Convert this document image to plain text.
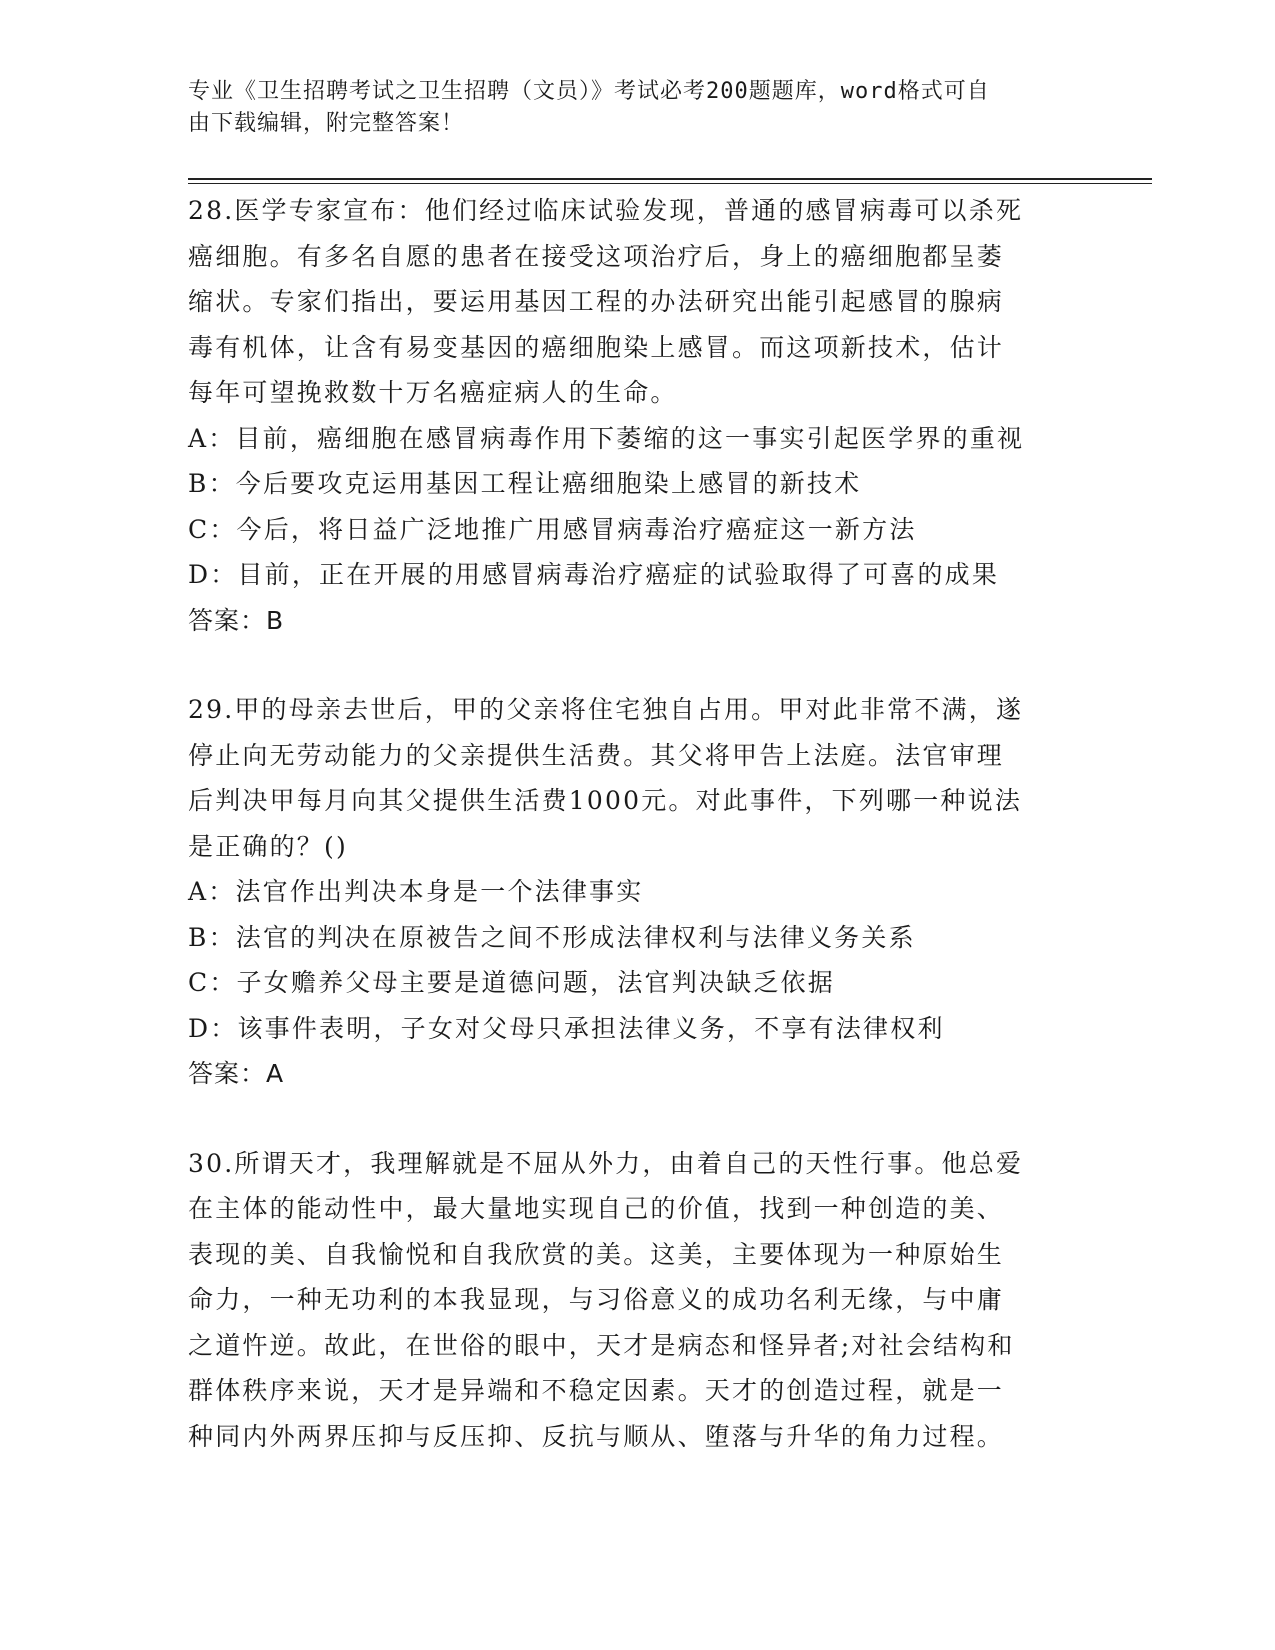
专业《卫生招聘考试之卫生招聘（文员）》考试必考200题题库，word格式可自
由下载编辑，附完整答案！
28.医学专家宣布：他们经过临床试验发现，普通的感冒病毒可以杀死
癌细胞。有多名自愿的患者在接受这项治疗后，身上的癌细胞都呈萎
缩状。专家们指出，要运用基因工程的办法研究出能引起感冒的腺病
毒有机体，让含有易变基因的癌细胞染上感冒。而这项新技术，估计
每年可望挽救数十万名癌症病人的生命。
A：目前，癌细胞在感冒病毒作用下萎缩的这一事实引起医学界的重视
B：今后要攻克运用基因工程让癌细胞染上感冒的新技术
C：今后，将日益广泛地推广用感冒病毒治疗癌症这一新方法
D：目前，正在开展的用感冒病毒治疗癌症的试验取得了可喜的成果
答案：B
29.甲的母亲去世后，甲的父亲将住宅独自占用。甲对此非常不满，遂
停止向无劳动能力的父亲提供生活费。其父将甲告上法庭。法官审理
后判决甲每月向其父提供生活费1000元。对此事件，下列哪一种说法
是正确的？()
A：法官作出判决本身是一个法律事实
B：法官的判决在原被告之间不形成法律权利与法律义务关系
C：子女赡养父母主要是道德问题，法官判决缺乏依据
D：该事件表明，子女对父母只承担法律义务，不享有法律权利
答案：A
30.所谓天才，我理解就是不屈从外力，由着自己的天性行事。他总爱
在主体的能动性中，最大量地实现自己的价值，找到一种创造的美、
表现的美、自我愉悦和自我欣赏的美。这美，主要体现为一种原始生
命力，一种无功利的本我显现，与习俗意义的成功名利无缘，与中庸
之道忤逆。故此，在世俗的眼中，天才是病态和怪异者;对社会结构和
群体秩序来说，天才是异端和不稳定因素。天才的创造过程，就是一
种同内外两界压抑与反压抑、反抗与顺从、堕落与升华的角力过程。
